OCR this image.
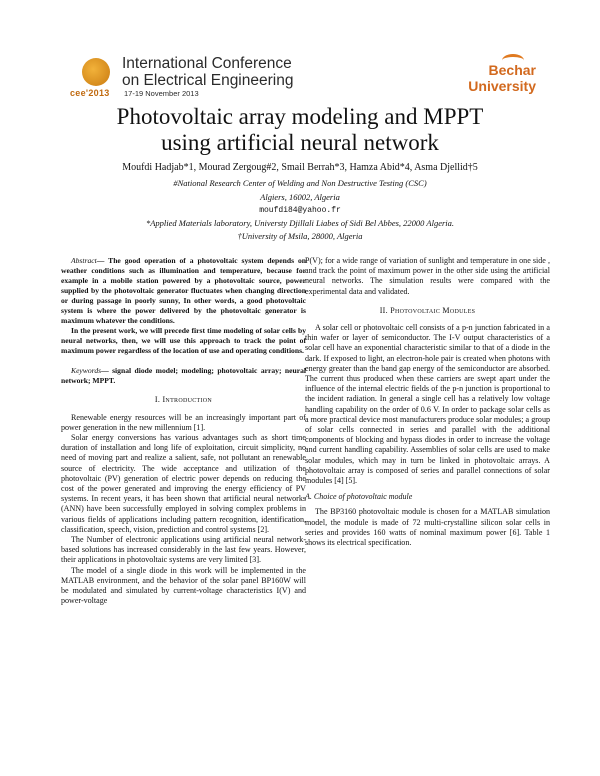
cee'2013
International Conference
on Electrical Engineering
17-19 November 2013
Bechar
University
Photovoltaic array modeling and MPPT
using artificial neural network
Moufdi Hadjab*1, Mourad Zergoug#2, Smail Berrah*3, Hamza Abid*4, Asma Djellid†5
#National Research Center of Welding and Non Destructive Testing (CSC)
Algiers, 16002, Algeria
moufdi84@yahoo.fr
*Applied Materials laboratory, Universty Djillali Liabes of Sidi Bel Abbes, 22000 Algeria.
†University of Msila, 28000, Algeria

Abstract— The good operation of a photovoltaic system depends on weather conditions such as illumination and temperature, because for example in a mobile station powered by a photovoltaic source, power supplied by the photovoltaic generator fluctuates when changing direction or during passage in poorly sunny, In other words, a good photovoltaic system is where the power delivered by the photovoltaic generator is maximum whatever the conditions.

In the present work, we will precede first time modeling of solar cells by neural networks, then, we will use this approach to track the point of maximum power regardless of the location of use and operating conditions.

Keywords— signal diode model; modeling; photovoltaic array; neural network; MPPT.

I. Introduction

Renewable energy resources will be an increasingly important part of power generation in the new millennium [1].

Solar energy conversions has various advantages such as short time duration of installation and long life of exploitation, circuit simplicity, no need of moving part and realize a salient, safe, not pollutant an renewable source of electricity. The wide acceptance and utilization of the photovoltaic (PV) generation of electric power depends on reducing the cost of the power generated and improving the energy efficiency of PV systems. In recent years, it has been shown that artificial neural networks (ANN) have been successfully employed in solving complex problems in various fields of applications including pattern recognition, identification, classification, speech, vision, prediction and control systems [2].

The Number of electronic applications using artificial neural network-based solutions has increased considerably in the last few years. However, their applications in photovoltaic systems are very limited [3].

The model of a single diode in this work will be implemented in the MATLAB environment, and the behavior of the solar panel BP160W will be modulated and simulated by current-voltage characteristics I(V) and power-voltage

P(V); for a wide range of variation of sunlight and temperature in one side , and track the point of maximum power in the other side using the artificial neural networks. The simulation results were compared with the experimental data and validated.

II. Photovoltaic Modules

A solar cell or photovoltaic cell consists of a p-n junction fabricated in a thin wafer or layer of semiconductor. The I-V output characteristics of a solar cell have an exponential characteristic similar to that of a diode in the dark. If exposed to light, an electron-hole pair is created when photons with energy greater than the band gap energy of the semiconductor are absorbed. The current thus produced when these carriers are swept apart under the influence of the internal electric fields of the p-n junction is proportional to the incident radiation. In general a single cell has a relatively low voltage handling capability on the order of 0.6 V. In order to package solar cells as a more practical device most manufacturers produce solar modules; a group of solar cells connected in series and parallel with the additional components of blocking and bypass diodes in order to increase the voltage and current handling capability. Assemblies of solar cells are used to make solar modules, which may in turn be linked in photovoltaic arrays. A photovoltaic array is composed of series and parallel connections of solar modules [4] [5].

A. Choice of photovoltaic module

The BP3160 photovoltaic module is chosen for a MATLAB simulation model, the module is made of 72 multi-crystalline silicon solar cells in series and provides 160 watts of nominal maximum power [6]. Table 1 shows its electrical specification.
